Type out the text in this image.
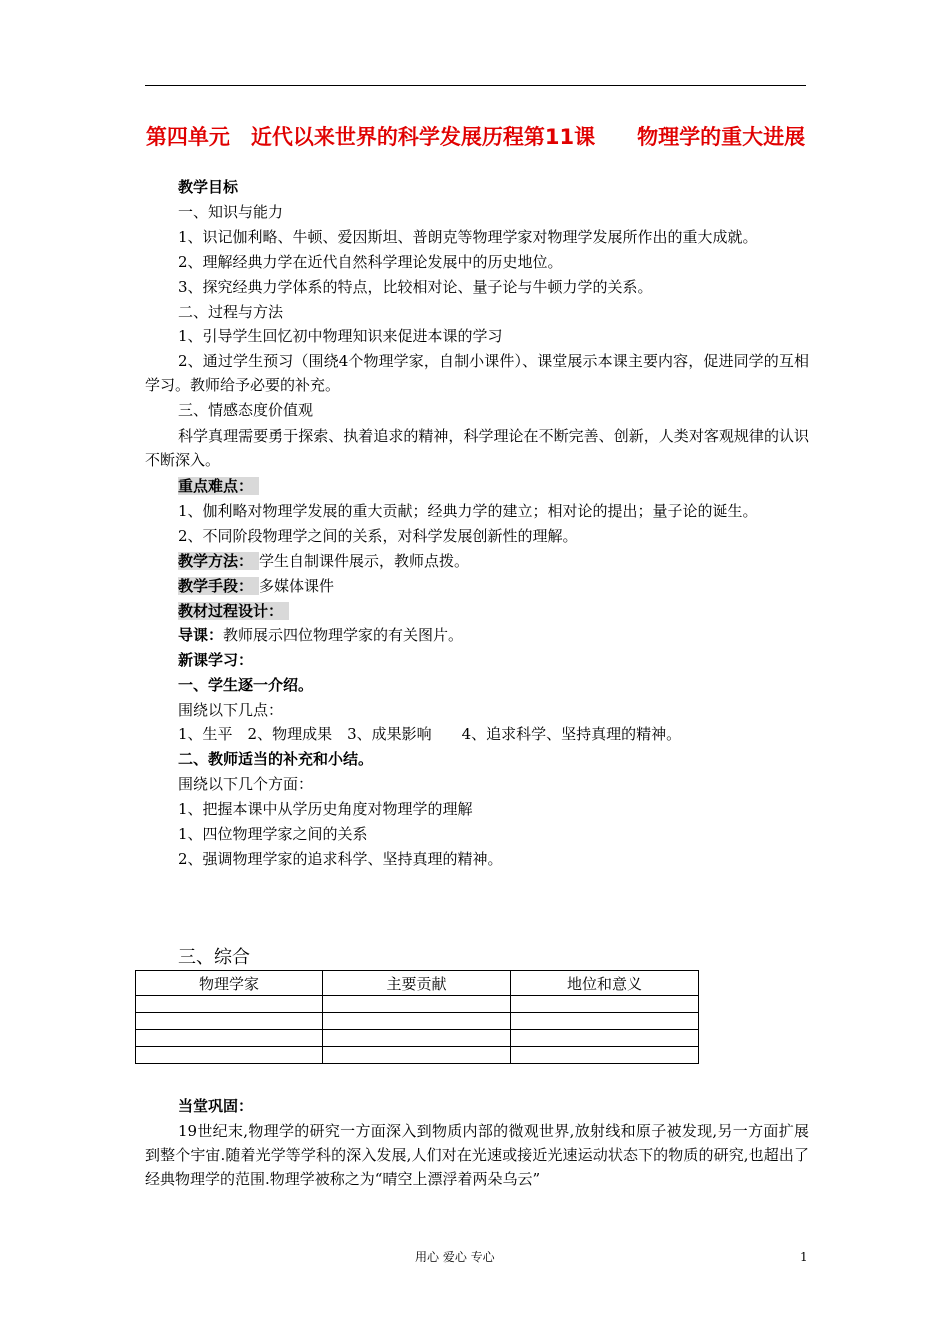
第四单元　近代以来世界的科学发展历程第11课　　物理学的重大进展
教学目标
一、知识与能力
1、识记伽利略、牛顿、爱因斯坦、普朗克等物理学家对物理学发展所作出的重大成就。
2、理解经典力学在近代自然科学理论发展中的历史地位。
3、探究经典力学体系的特点，比较相对论、量子论与牛顿力学的关系。
二、过程与方法
1、引导学生回忆初中物理知识来促进本课的学习
2、通过学生预习（围绕4个物理学家，自制小课件）、课堂展示本课主要内容，促进同学的互相学习。教师给予必要的补充。
三、情感态度价值观
科学真理需要勇于探索、执着追求的精神，科学理论在不断完善、创新，人类对客观规律的认识不断深入。
重点难点：
1、伽利略对物理学发展的重大贡献；经典力学的建立；相对论的提出；量子论的诞生。
2、不同阶段物理学之间的关系，对科学发展创新性的理解。
教学方法： 学生自制课件展示，教师点拨。
教学手段： 多媒体课件
教材过程设计：
导课：教师展示四位物理学家的有关图片。
新课学习：
一、学生逐一介绍。
围绕以下几点：
1、生平　2、物理成果　3、成果影响　　4、追求科学、坚持真理的精神。
二、教师适当的补充和小结。
围绕以下几个方面：
1、把握本课中从学历史角度对物理学的理解
1、四位物理学家之间的关系
2、强调物理学家的追求科学、坚持真理的精神。
三、综合
物理学家	主要贡献	地位和意义

当堂巩固：
19世纪末,物理学的研究一方面深入到物质内部的微观世界,放射线和原子被发现,另一方面扩展到整个宇宙.随着光学等学科的深入发展,人们对在光速或接近光速运动状态下的物质的研究,也超出了经典物理学的范围.物理学被称之为“晴空上漂浮着两朵乌云”
用心 爱心 专心	1
